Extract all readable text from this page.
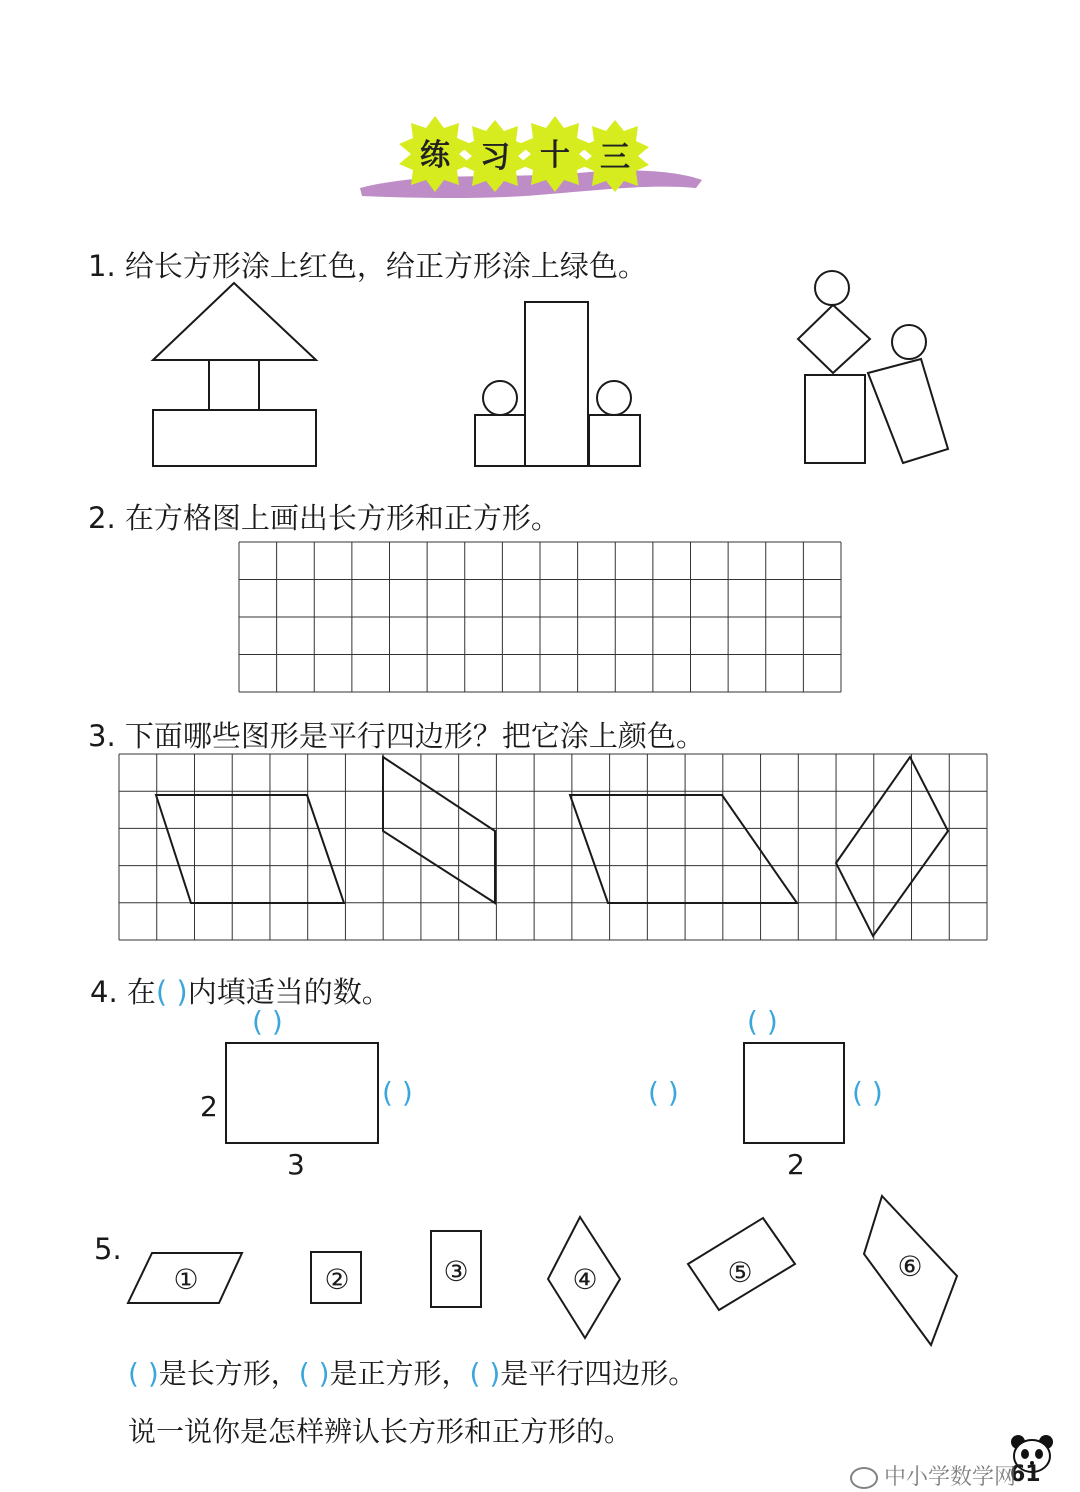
练 习 十 三
1. 给长方形涂上红色，给正方形涂上绿色。
2. 在方格图上画出长方形和正方形。
3. 下面哪些图形是平行四边形？把它涂上颜色。
4. 在( )内填适当的数。
( )
2	( )
3
( )
( )	( )
2
5.
①	②	③	④	⑤	⑥
( )是长方形，( )是正方形，( )是平行四边形。
说一说你是怎样辨认长方形和正方形的。
61
中小学数学网
